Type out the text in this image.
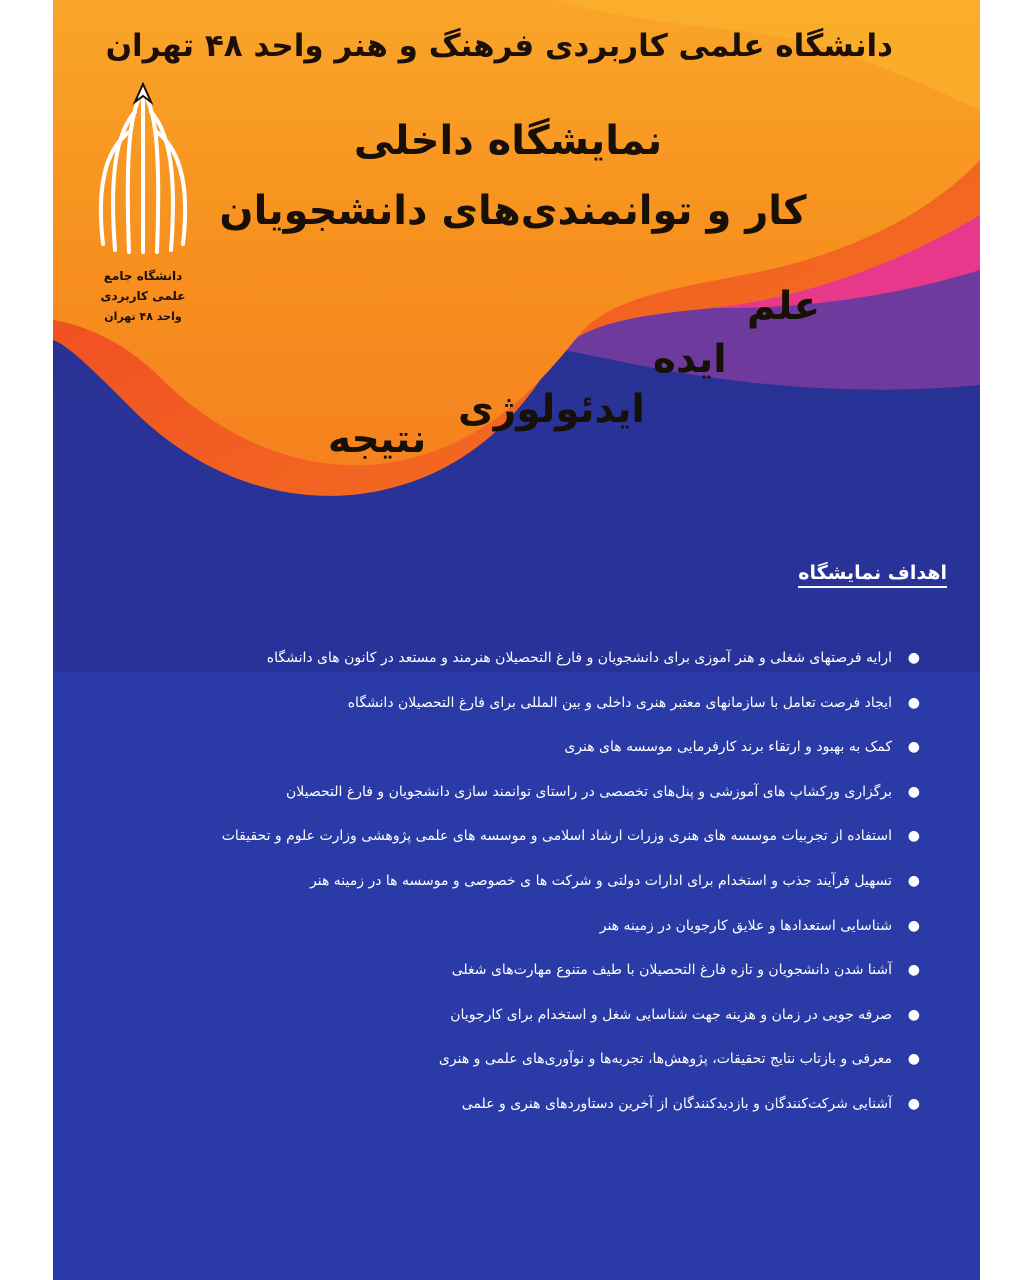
دانشگاه علمی کاربردی فرهنگ و هنر واحد ۴۸ تهران
نمایشگاه داخلی
کار و توانمندی‌های دانشجویان
دانشگاه جامع
علمی کاربردی
واحد ۴۸ تهران	علم
ایده
ایدئولوژی
نتیجه
اهداف نمایشگاه
●
ارایه فرصتهای شغلی و هنر آموزی برای دانشجویان و فارغ التحصیلان هنرمند و مستعد در کانون های دانشگاه
●
ایجاد فرصت تعامل با سازمانهای معتبر هنری داخلی و بین المللی برای فارغ التحصیلان دانشگاه
●
کمک به بهبود و ارتقاء برند کارفرمایی موسسه های هنری
●
برگزاری ورکشاپ های آموزشی و پنل‌های تخصصی در راستای توانمند سازی دانشجویان و فارغ التحصیلان
●
استفاده از تجربیات موسسه های هنری وزرات ارشاد اسلامی و موسسه های علمی پژوهشی وزارت علوم و تحقیقات
●
تسهیل فرآیند جذب و استخدام برای ادارات دولتی و شرکت ها ی خصوصی و موسسه ها در زمینه هنر
●
شناسایی استعدادها و علایق کارجویان در زمینه هنر
●
آشنا شدن دانشجویان و تازه فارغ التحصیلان با طیف متنوع مهارت‌های شغلی
●
صرفه جویی در زمان و هزینه جهت شناسایی شغل و استخدام برای کارجویان
●
معرفی و بازتاب نتایج تحقیقات، پژوهش‌ها، تجربه‌ها و نوآوری‌های علمی و هنری
●
آشنایی شرکت‌کنندگان و بازدیدکنندگان از آخرین دستاوردهای هنری و علمی
